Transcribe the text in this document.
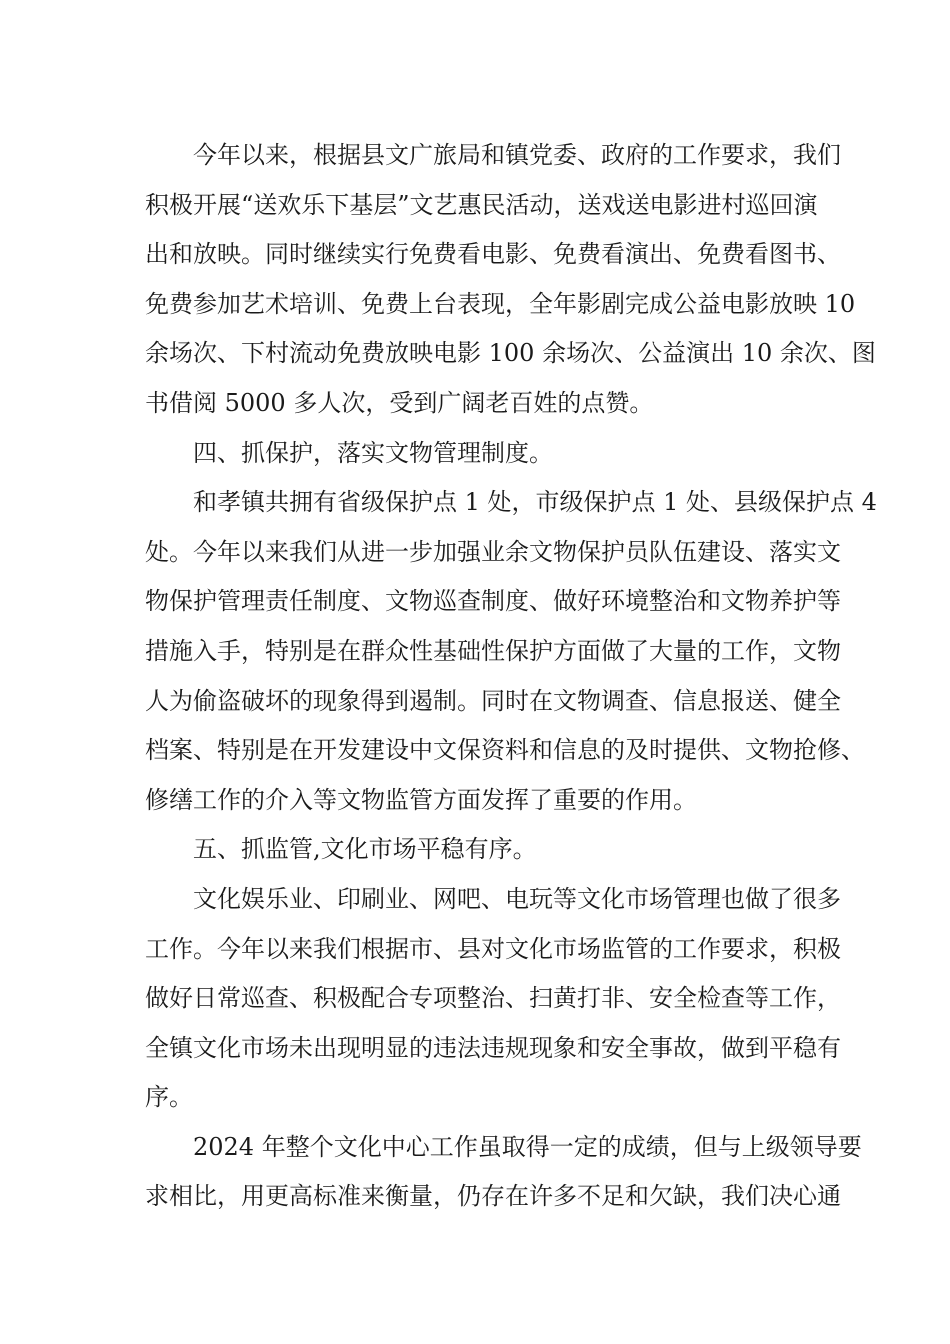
今年以来，根据县文广旅局和镇党委、政府的工作要求，我们
积极开展“送欢乐下基层”文艺惠民活动，送戏送电影进村巡回演
出和放映。同时继续实行免费看电影、免费看演出、免费看图书、
免费参加艺术培训、免费上台表现，全年影剧完成公益电影放映 10
余场次、下村流动免费放映电影 100 余场次、公益演出 10 余次、图
书借阅 5000 多人次，受到广阔老百姓的点赞。
四、抓保护，落实文物管理制度。
和孝镇共拥有省级保护点 1 处，市级保护点 1 处、县级保护点 4
处。今年以来我们从进一步加强业余文物保护员队伍建设、落实文
物保护管理责任制度、文物巡查制度、做好环境整治和文物养护等
措施入手，特别是在群众性基础性保护方面做了大量的工作，文物
人为偷盗破坏的现象得到遏制。同时在文物调查、信息报送、健全
档案、特别是在开发建设中文保资料和信息的及时提供、文物抢修、
修缮工作的介入等文物监管方面发挥了重要的作用。
五、抓监管,文化市场平稳有序。
文化娱乐业、印刷业、网吧、电玩等文化市场管理也做了很多
工作。今年以来我们根据市、县对文化市场监管的工作要求，积极
做好日常巡查、积极配合专项整治、扫黄打非、安全检查等工作，
全镇文化市场未出现明显的违法违规现象和安全事故，做到平稳有
序。
2024 年整个文化中心工作虽取得一定的成绩，但与上级领导要
求相比，用更高标准来衡量，仍存在许多不足和欠缺，我们决心通
